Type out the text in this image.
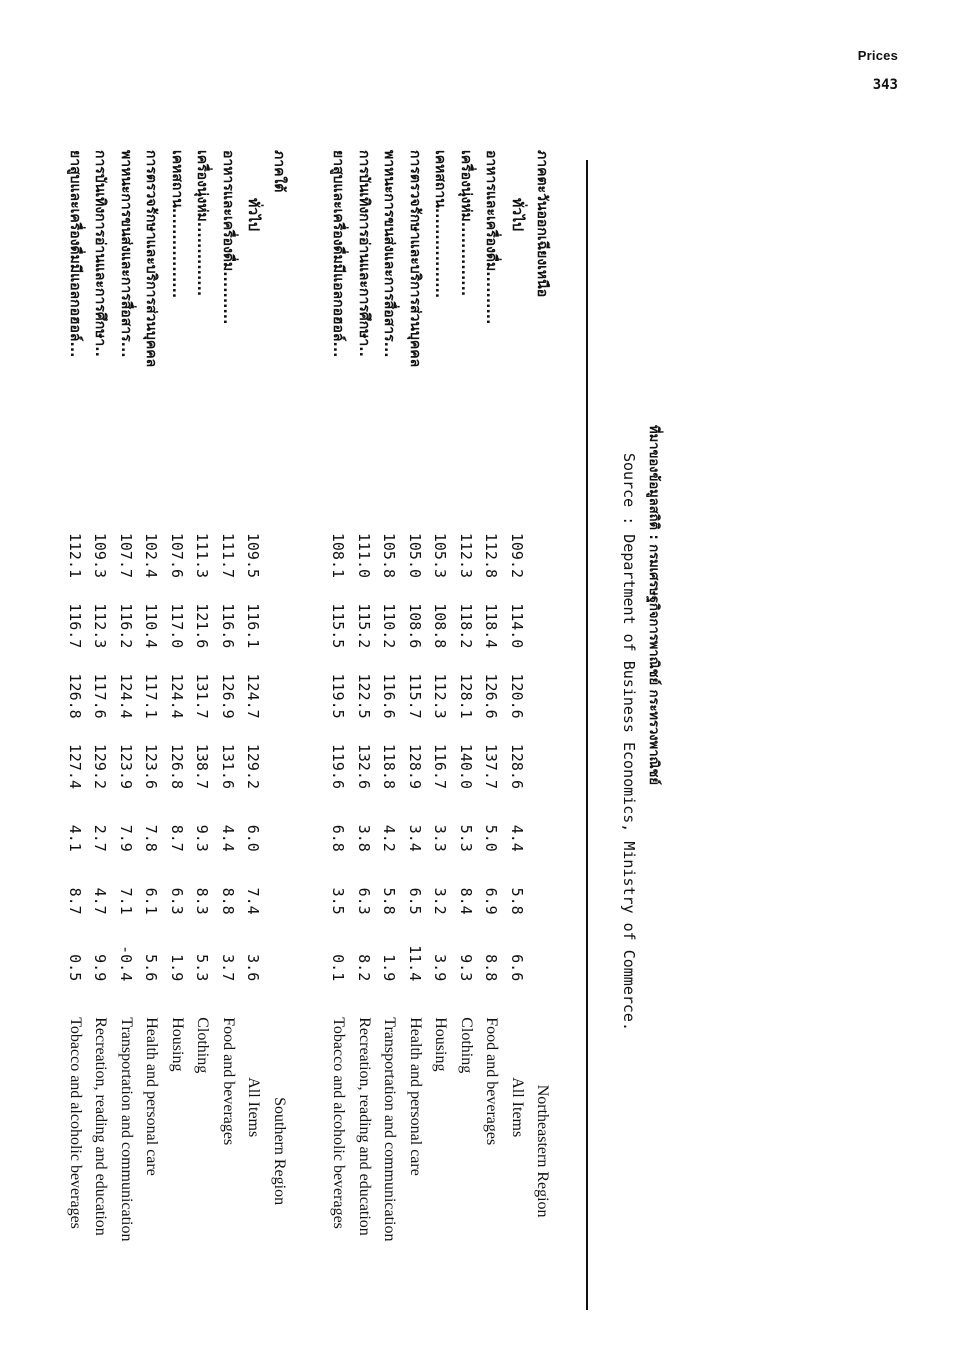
Prices
343
ภาคตะวันออกเฉียงเหนือ								Northeastern Region
ทั่วไป	109.2	114.0	120.6	128.6	4.4	5.8	6.6	All Items
อาหารและเครื่องดื่ม..........	112.8	118.4	126.6	137.7	5.0	6.9	8.8	Food and beverages
เครื่องนุ่งห่ม..............	112.3	118.2	128.1	140.0	5.3	8.4	9.3	Clothing
เคหสถาน.................	105.3	108.8	112.3	116.7	3.3	3.2	3.9	Housing
การตรวจรักษาและบริการส่วนบุคคล	105.0	108.6	115.7	128.9	3.4	6.5	11.4	Health and personal care
พาหนะการขนส่งและการสื่อสาร...	105.8	110.2	116.6	118.8	4.2	5.8	1.9	Transportation and communication
การบันเทิงการอ่านและการศึกษา..	111.0	115.2	122.5	132.6	3.8	6.3	8.2	Recreation, reading and education
ยาสูบและเครื่องดื่มมีแอลกอฮอล์...	108.1	115.5	119.5	119.6	6.8	3.5	0.1	Tobacco and alcoholic beverages

ภาคใต้								Southern Region
ทั่วไป	109.5	116.1	124.7	129.2	6.0	7.4	3.6	All Items
อาหารและเครื่องดื่ม..........	111.7	116.6	126.9	131.6	4.4	8.8	3.7	Food and beverages
เครื่องนุ่งห่ม..............	111.3	121.6	131.7	138.7	9.3	8.3	5.3	Clothing
เคหสถาน.................	107.6	117.0	124.4	126.8	8.7	6.3	1.9	Housing
การตรวจรักษาและบริการส่วนบุคคล	102.4	110.4	117.1	123.6	7.8	6.1	5.6	Health and personal care
พาหนะการขนส่งและการสื่อสาร...	107.7	116.2	124.4	123.9	7.9	7.1	-0.4	Transportation and communication
การบันเทิงการอ่านและการศึกษา..	109.3	112.3	117.6	129.2	2.7	4.7	9.9	Recreation, reading and education
ยาสูบและเครื่องดื่มมีแอลกอฮอล์...	112.1	116.7	126.8	127.4	4.1	8.7	0.5	Tobacco and alcoholic beverages
ที่มาของข้อมูลสถิติ : กรมเศรษฐกิจการพาณิชย์ กระทรวงพาณิชย์
Source : Department of Business Economics, Ministry of Commerce.
